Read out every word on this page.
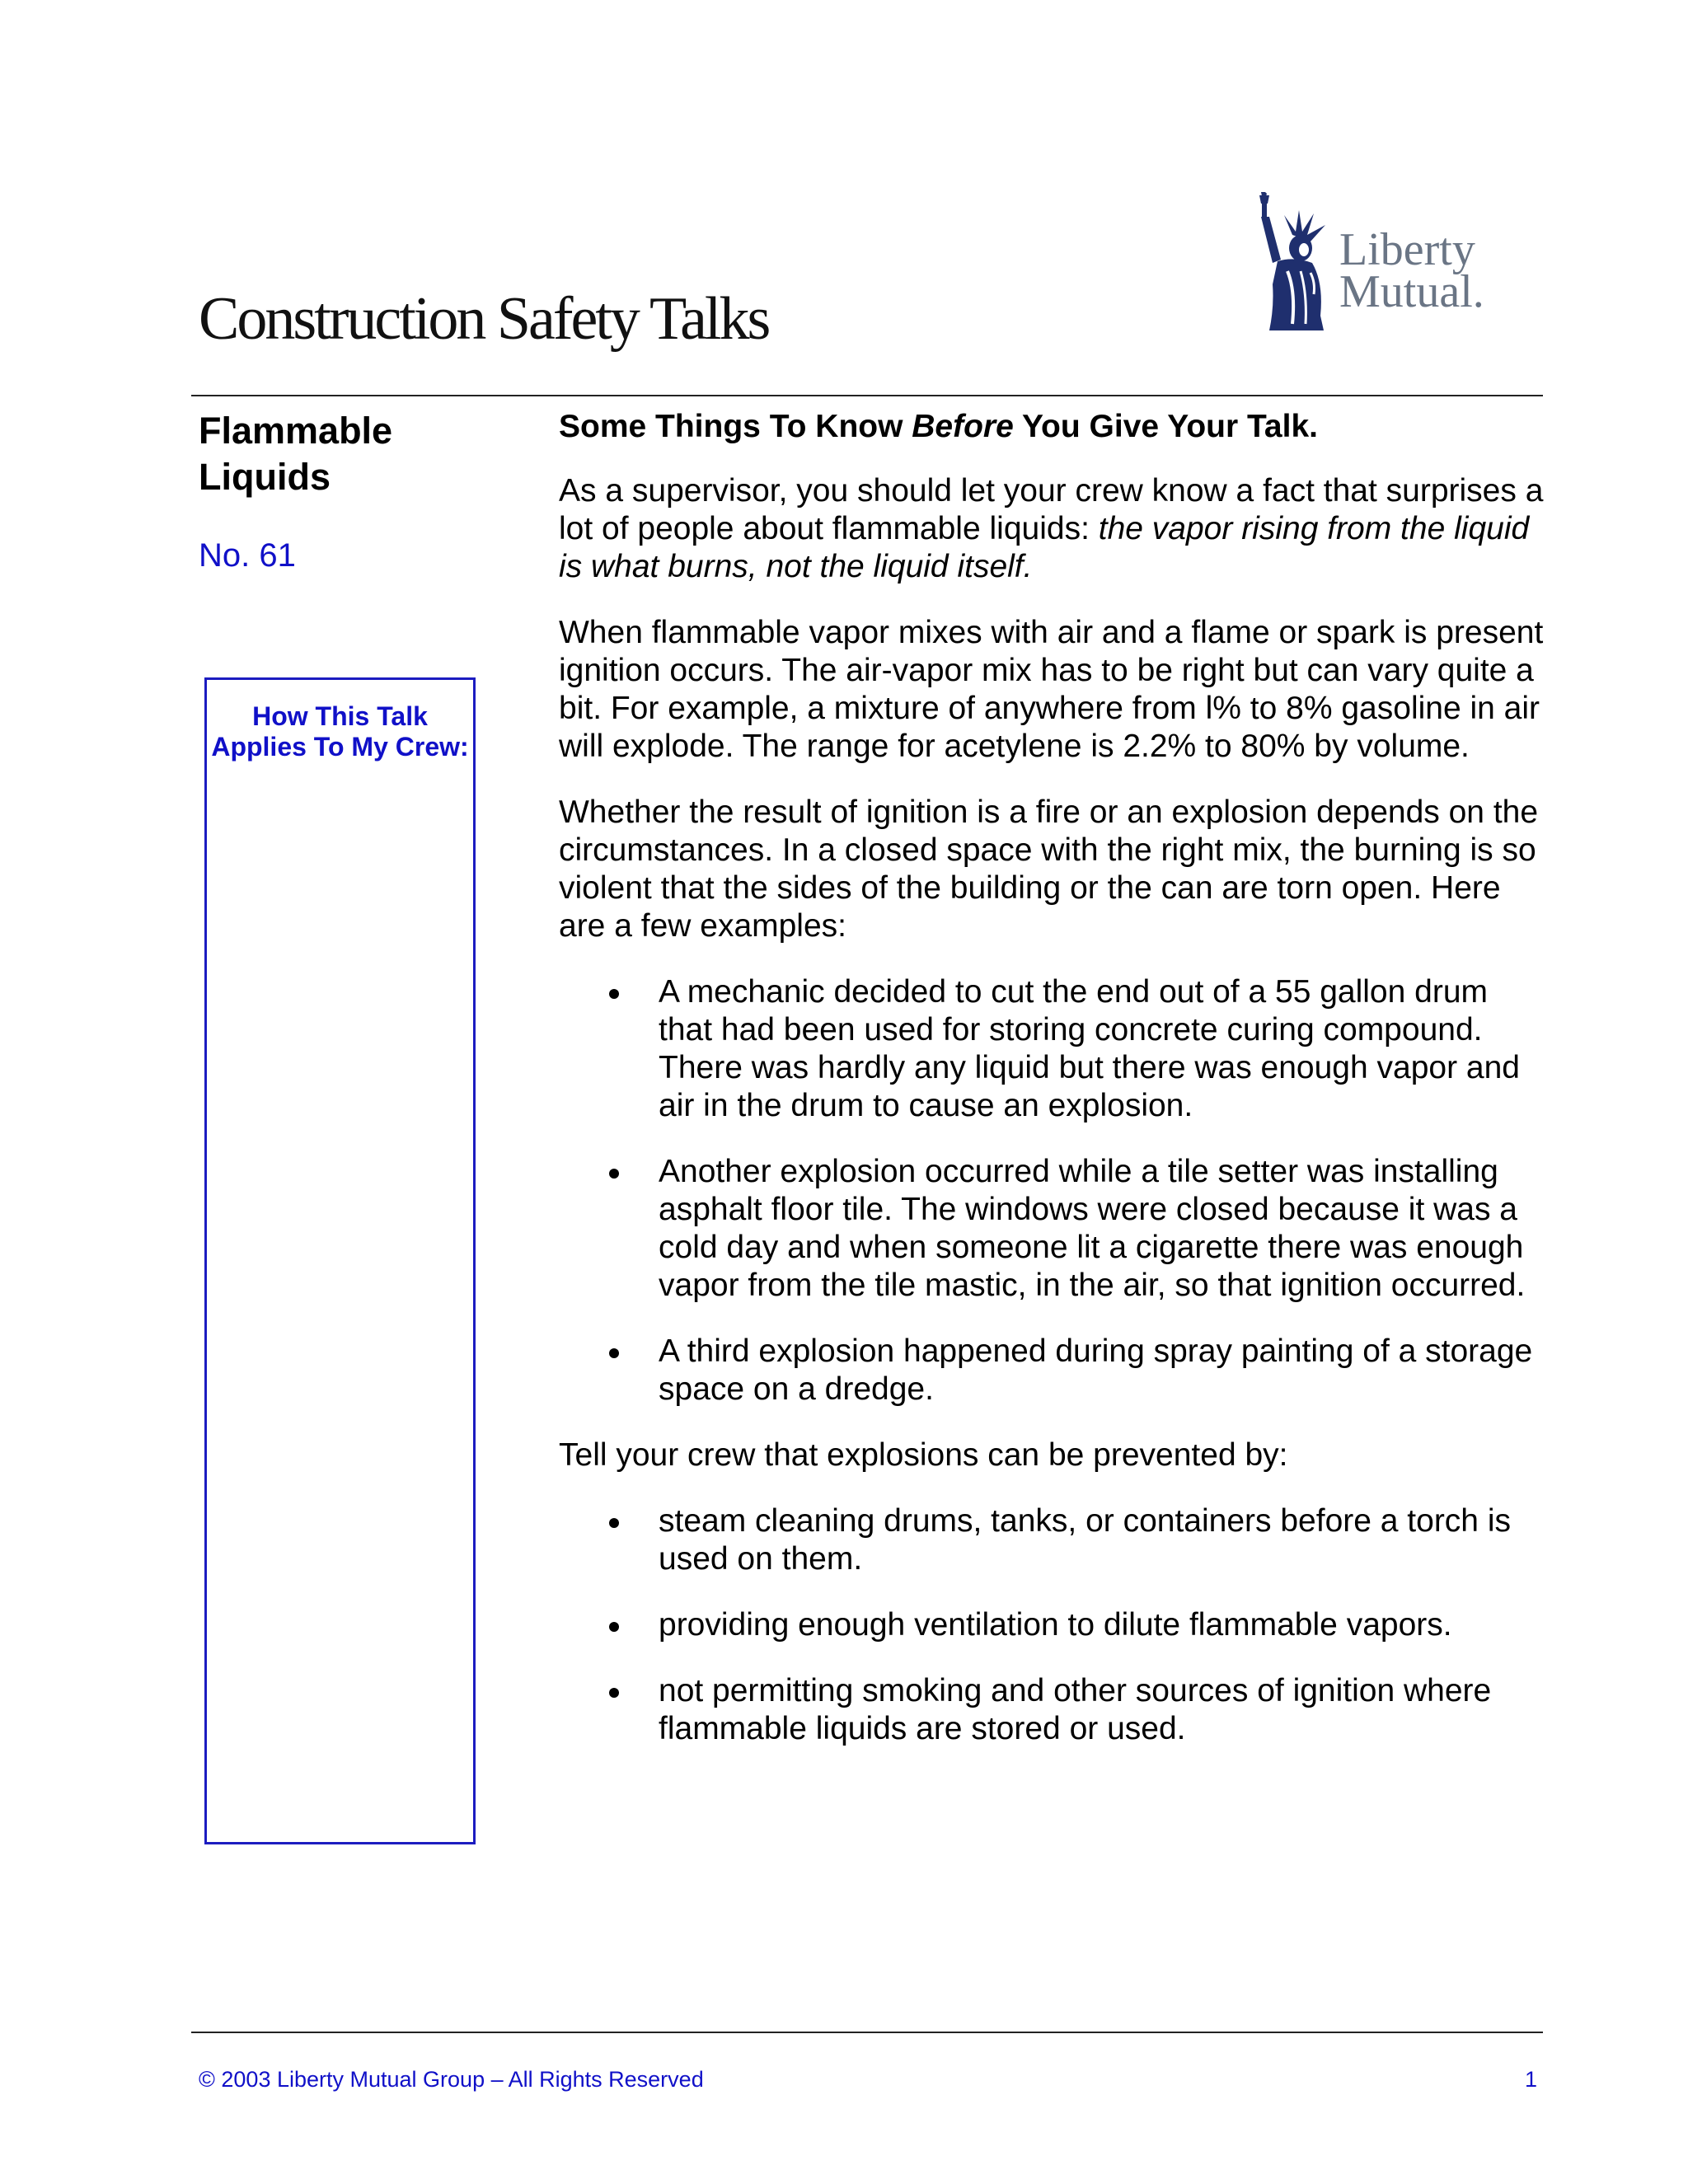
Construction Safety Talks
Liberty
Mutual.
Flammable Liquids
No. 61
How This Talk Applies To My Crew:
Some Things To Know Before You Give Your Talk.

As a supervisor, you should let your crew know a fact that surprises a lot of people about flammable liquids: the vapor rising from the liquid is what burns, not the liquid itself.

When flammable vapor mixes with air and a flame or spark is present ignition occurs. The air-vapor mix has to be right but can vary quite a bit. For example, a mixture of anywhere from l% to 8% gasoline in air will explode. The range for acetylene is 2.2% to 80% by volume.

Whether the result of ignition is a fire or an explosion depends on the circumstances. In a closed space with the right mix, the burning is so violent that the sides of the building or the can are torn open. Here are a few examples:

A mechanic decided to cut the end out of a 55 gallon drum that had been used for storing concrete curing compound. There was hardly any liquid but there was enough vapor and air in the drum to cause an explosion.
Another explosion occurred while a tile setter was installing asphalt floor tile. The windows were closed because it was a cold day and when someone lit a cigarette there was enough vapor from the tile mastic, in the air, so that ignition occurred.
A third explosion happened during spray painting of a storage space on a dredge.

Tell your crew that explosions can be prevented by:

steam cleaning drums, tanks, or containers before a torch is used on them.
providing enough ventilation to dilute flammable vapors.
not permitting smoking and other sources of ignition where flammable liquids are stored or used.
© 2003 Liberty Mutual Group – All Rights Reserved	1
